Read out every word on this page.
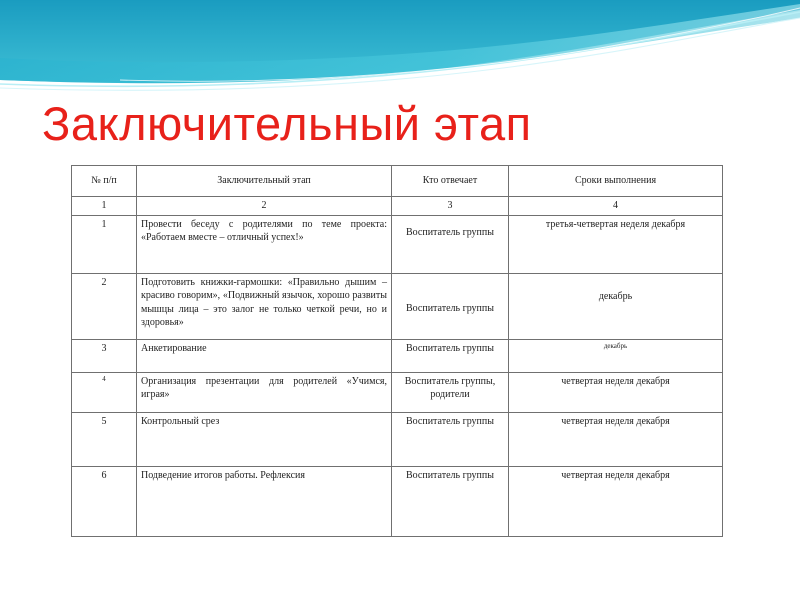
Заключительный этап
№ п/п	Заключительный этап	Кто отвечает	Сроки выполнения
1	2	3	4
1	Провести беседу с родителями по теме проекта: «Работаем вместе – отличный успех!»	Воспитатель группы	третья-четвертая неделя декабря
2	Подготовить книжки-гармошки: «Правильно дышим – красиво говорим», «Подвижный язычок, хорошо развиты мышцы лица – это залог не только четкой речи, но и здоровья»	Воспитатель группы	декабрь
3	Анкетирование	Воспитатель группы	декабрь
4	Организация презентации для родителей «Учимся, играя»	Воспитатель группы, родители	четвертая неделя декабря
5	Контрольный срез	Воспитатель группы	четвертая неделя декабря
6	Подведение итогов работы. Рефлексия	Воспитатель группы	четвертая неделя декабря
